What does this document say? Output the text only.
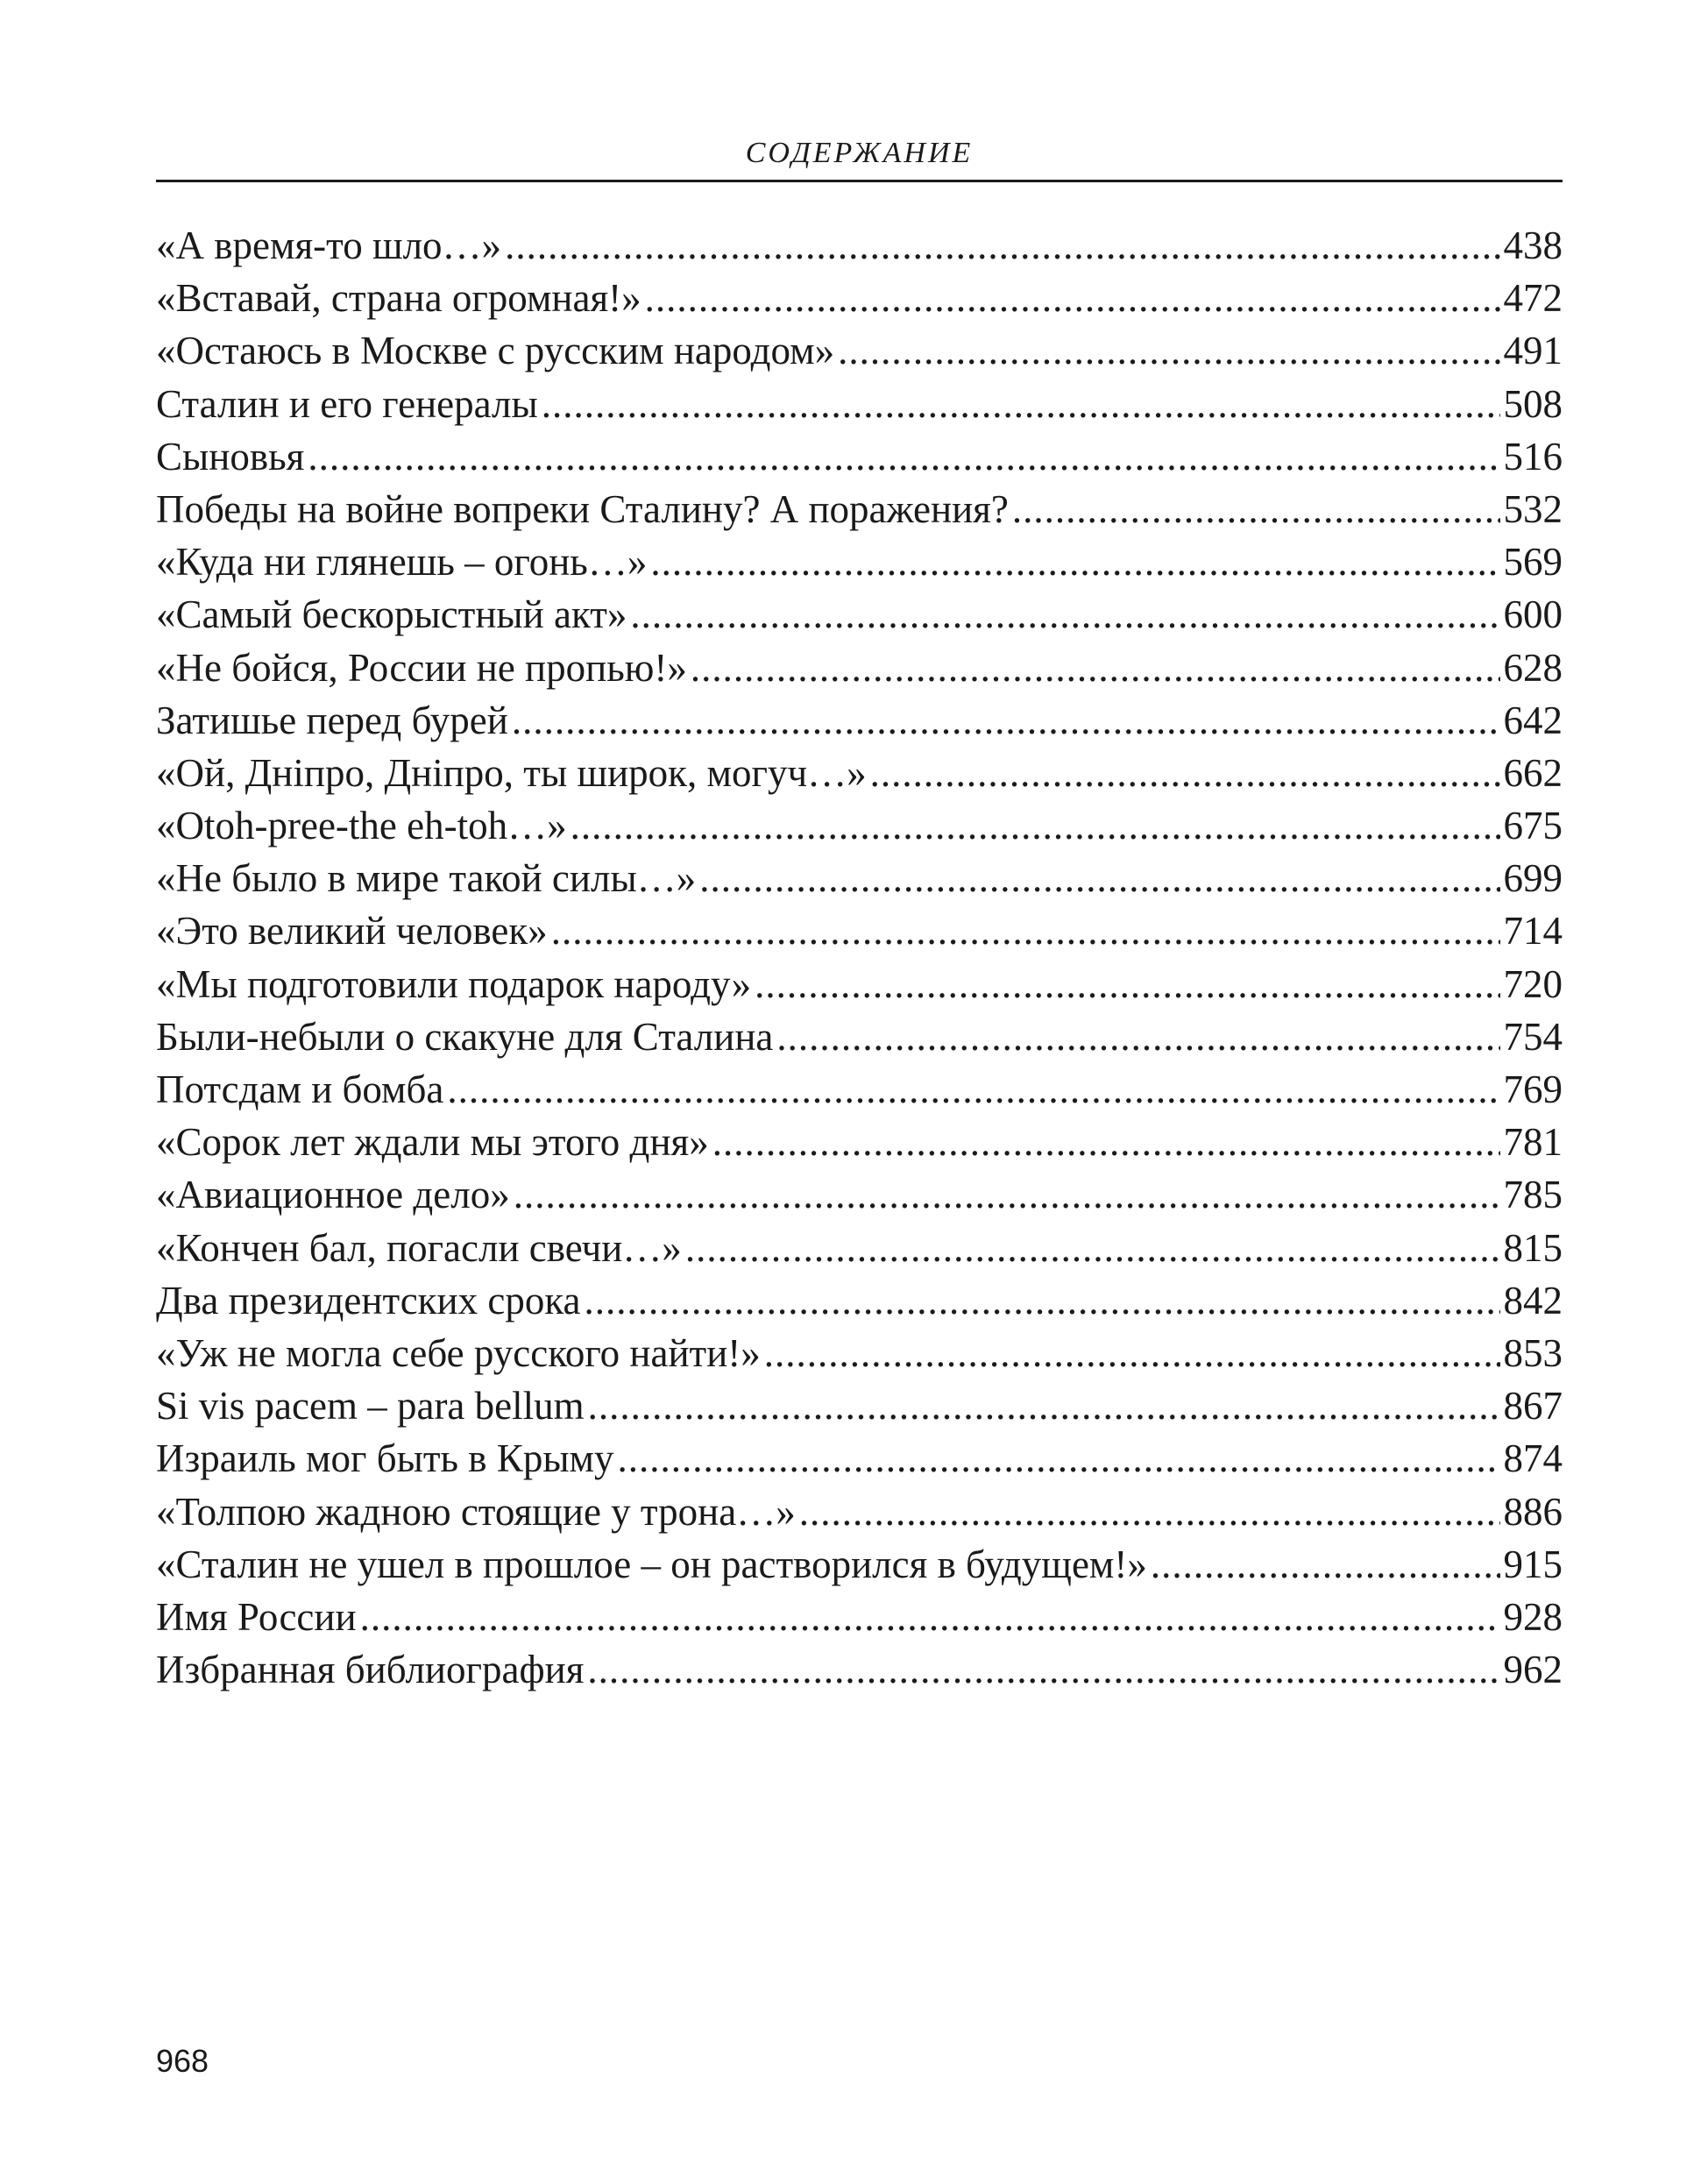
СОДЕРЖАНИЕ
«А время-то шло…» .....	438
«Вставай, страна огромная!» .....	472
«Остаюсь в Москве с русским народом» .....	491
Сталин и его генералы .....	508
Сыновья .....	516
Победы на войне вопреки Сталину? А поражения? .....	532
«Куда ни глянешь – огонь…» .....	569
«Самый бескорыстный акт» .....	600
«Не бойся, России не пропью!» .....	628
Затишье перед бурей .....	642
«Ой, Днiпро, Днiпро, ты широк, могуч…» .....	662
«Otoh-pree-the eh-toh…» .....	675
«Не было в мире такой силы…» .....	699
«Это великий человек» .....	714
«Мы подготовили подарок народу» .....	720
Были-небыли о скакуне для Сталина .....	754
Потсдам и бомба .....	769
«Сорок лет ждали мы этого дня» .....	781
«Авиационное дело» .....	785
«Кончен бал, погасли свечи…» .....	815
Два президентских срока .....	842
«Уж не могла себе русского найти!» .....	853
Si vis pacem – para bellum .....	867
Израиль мог быть в Крыму .....	874
«Толпою жадною стоящие у трона…» .....	886
«Сталин не ушел в прошлое – он растворился в будущем!» .....	915
Имя России .....	928
Избранная библиография .....	962
968
